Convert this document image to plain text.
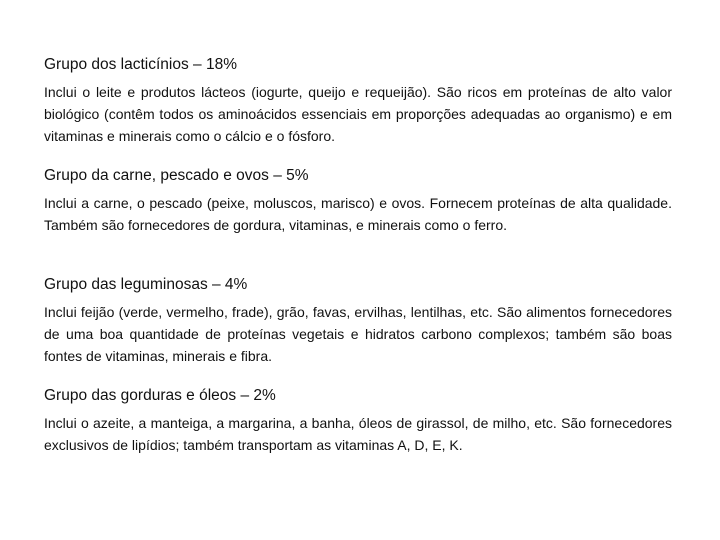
Grupo dos lacticínios – 18%

Inclui o leite e produtos lácteos (iogurte, queijo e requeijão). São ricos em proteínas de alto valor biológico (contêm todos os aminoácidos essenciais em proporções adequadas ao organismo) e em vitaminas e minerais como o cálcio e o fósforo.

Grupo da carne, pescado e ovos – 5%

Inclui a carne, o pescado (peixe, moluscos, marisco) e ovos. Fornecem proteínas de alta qualidade. Também são fornecedores de gordura, vitaminas, e minerais como o ferro.

Grupo das leguminosas – 4%

Inclui feijão (verde, vermelho, frade), grão, favas, ervilhas, lentilhas, etc. São alimentos fornecedores de uma boa quantidade de proteínas vegetais e hidratos carbono complexos; também são boas fontes de vitaminas, minerais e fibra.

Grupo das gorduras e óleos – 2%

Inclui o azeite, a manteiga, a margarina, a banha, óleos de girassol, de milho, etc. São fornecedores exclusivos de lipídios; também transportam as vitaminas A, D, E, K.
